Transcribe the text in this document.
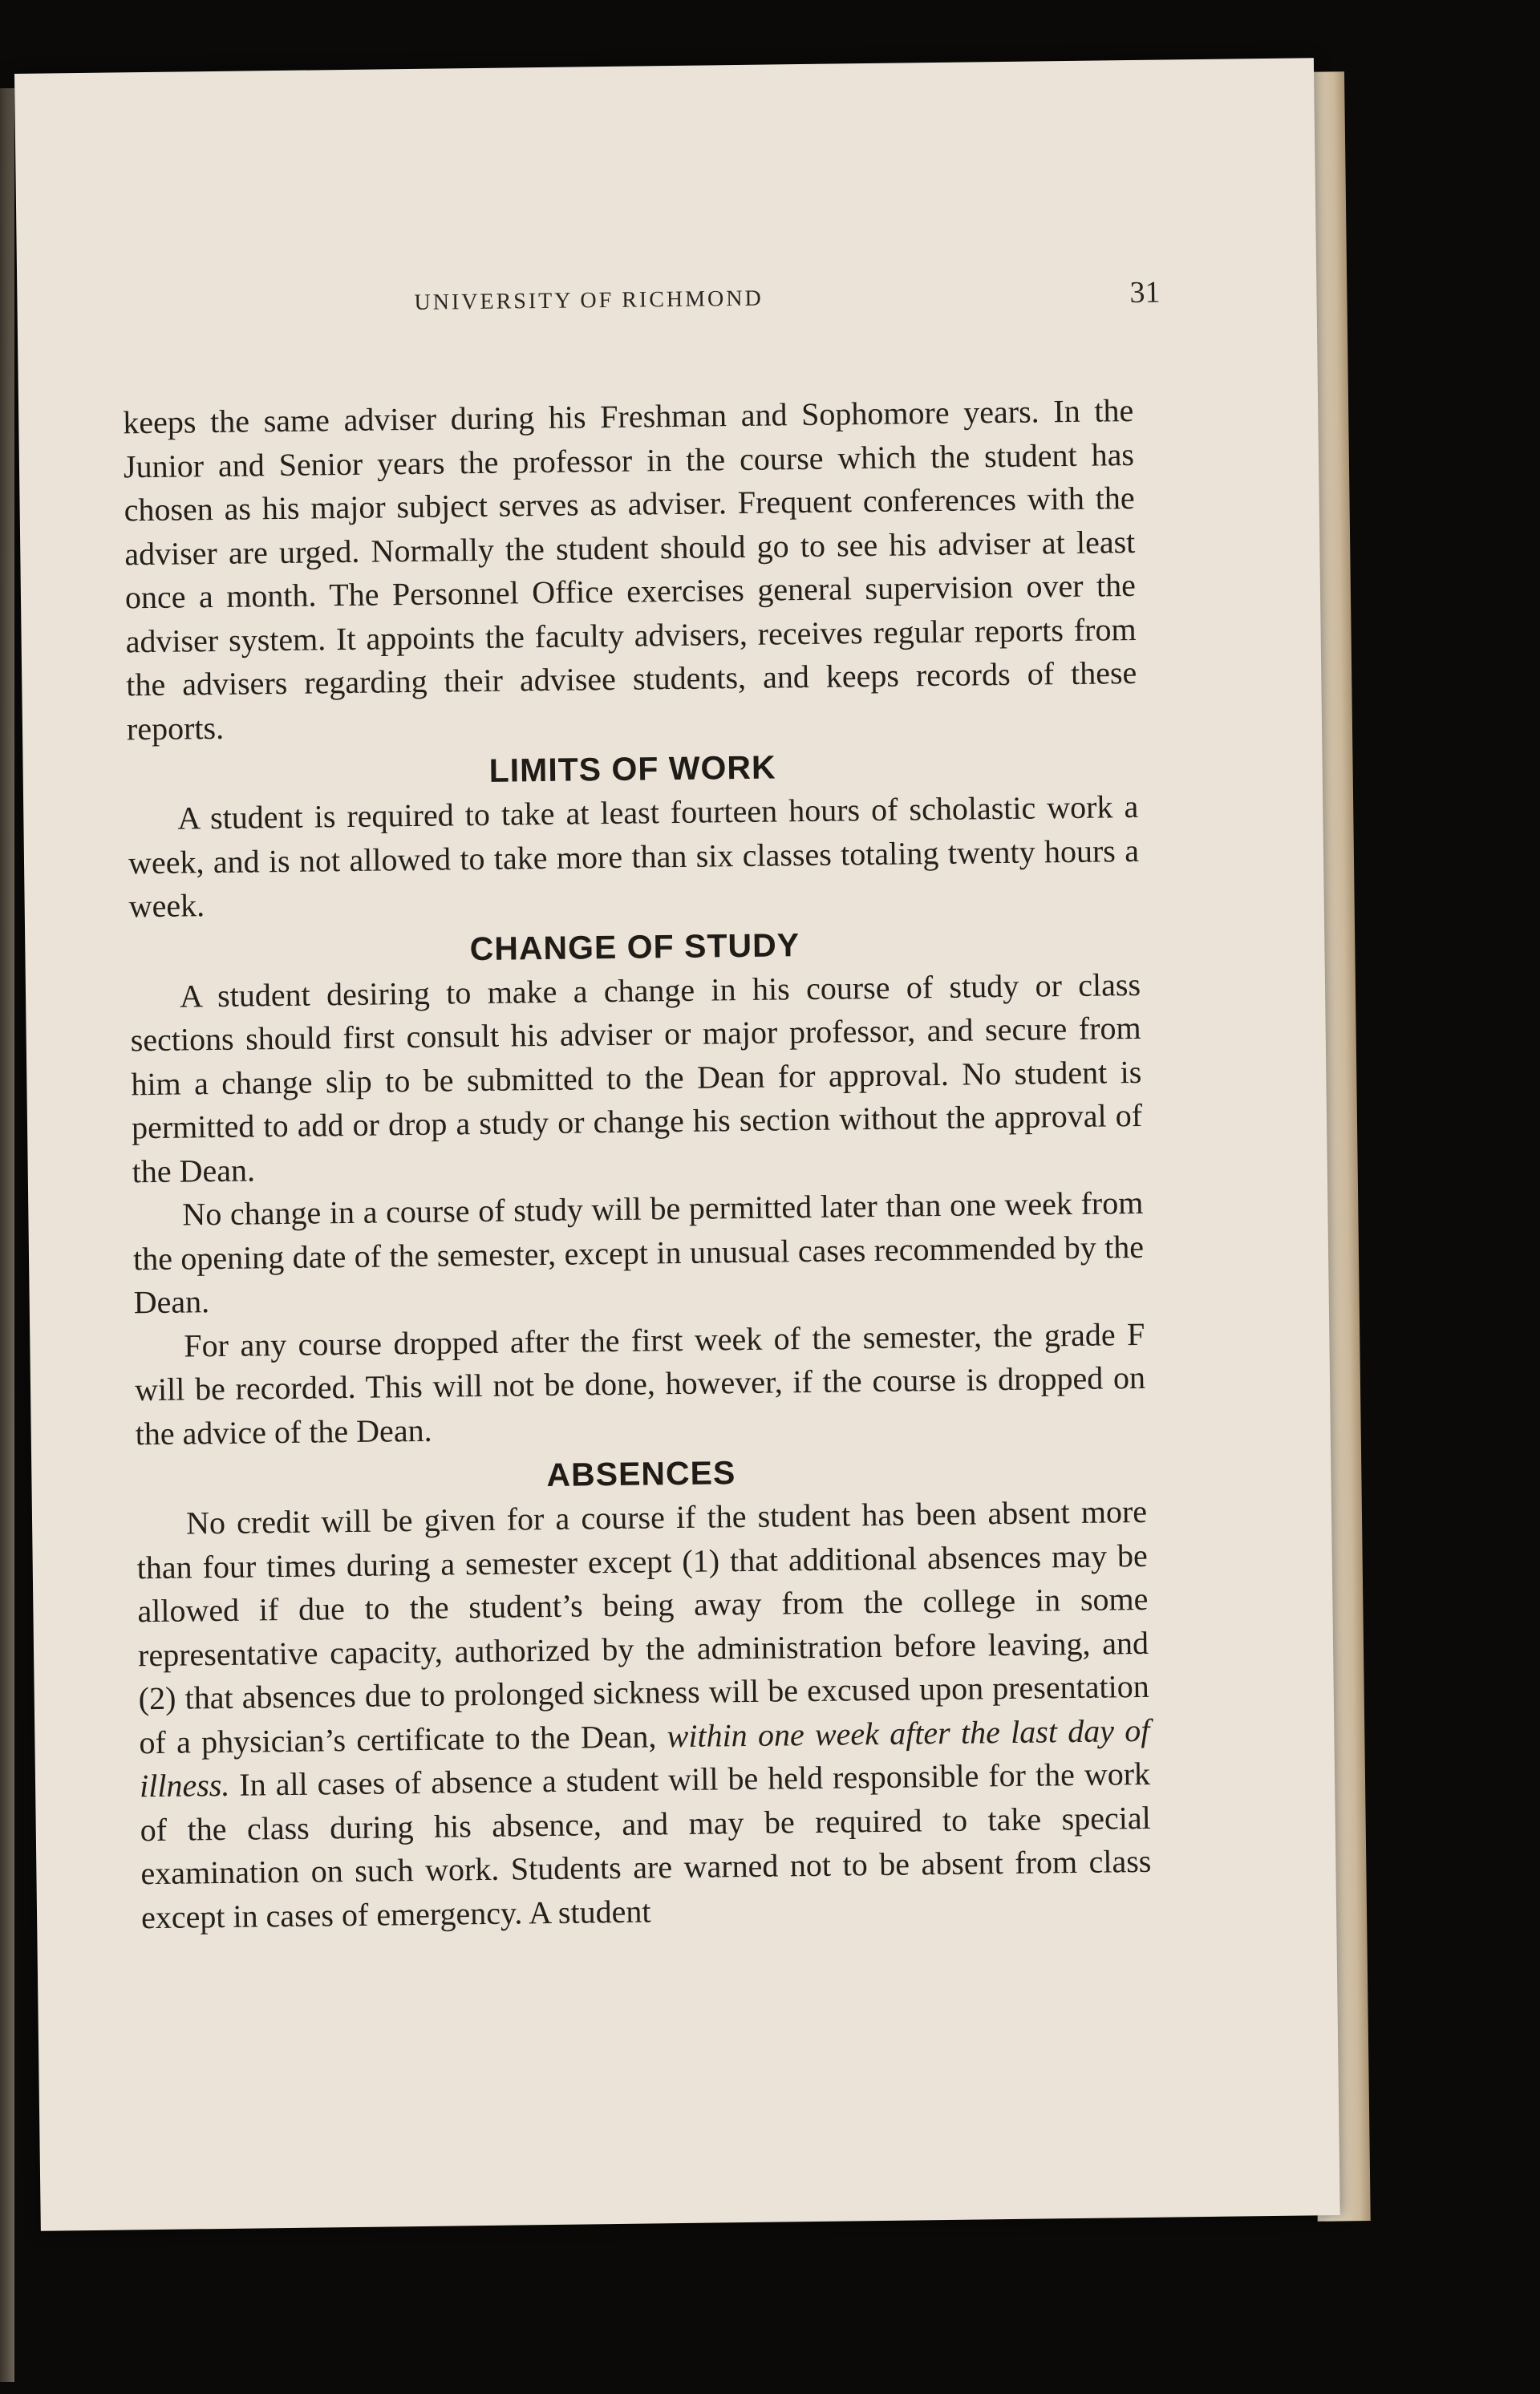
UNIVERSITY OF RICHMOND	31

keeps the same adviser during his Freshman and Sophomore years. In the Junior and Senior years the professor in the course which the student has chosen as his major subject serves as adviser. Frequent conferences with the adviser are urged. Normally the student should go to see his adviser at least once a month. The Personnel Office exercises general supervision over the adviser system. It appoints the faculty advisers, receives regular reports from the advisers regarding their advisee students, and keeps records of these reports.

LIMITS OF WORK

A student is required to take at least fourteen hours of scholastic work a week, and is not allowed to take more than six classes totaling twenty hours a week.

CHANGE OF STUDY

A student desiring to make a change in his course of study or class sections should first consult his adviser or major professor, and secure from him a change slip to be submitted to the Dean for approval. No student is permitted to add or drop a study or change his section without the approval of the Dean.

No change in a course of study will be permitted later than one week from the opening date of the semester, except in unusual cases recommended by the Dean.

For any course dropped after the first week of the semester, the grade F will be recorded. This will not be done, however, if the course is dropped on the advice of the Dean.

ABSENCES

No credit will be given for a course if the student has been absent more than four times during a semester except (1) that additional absences may be allowed if due to the student’s being away from the college in some representative capacity, authorized by the administration before leaving, and (2) that absences due to prolonged sickness will be excused upon presentation of a physician’s certificate to the Dean, within one week after the last day of illness. In all cases of absence a student will be held responsible for the work of the class during his absence, and may be required to take special examination on such work. Students are warned not to be absent from class except in cases of emergency. A student
